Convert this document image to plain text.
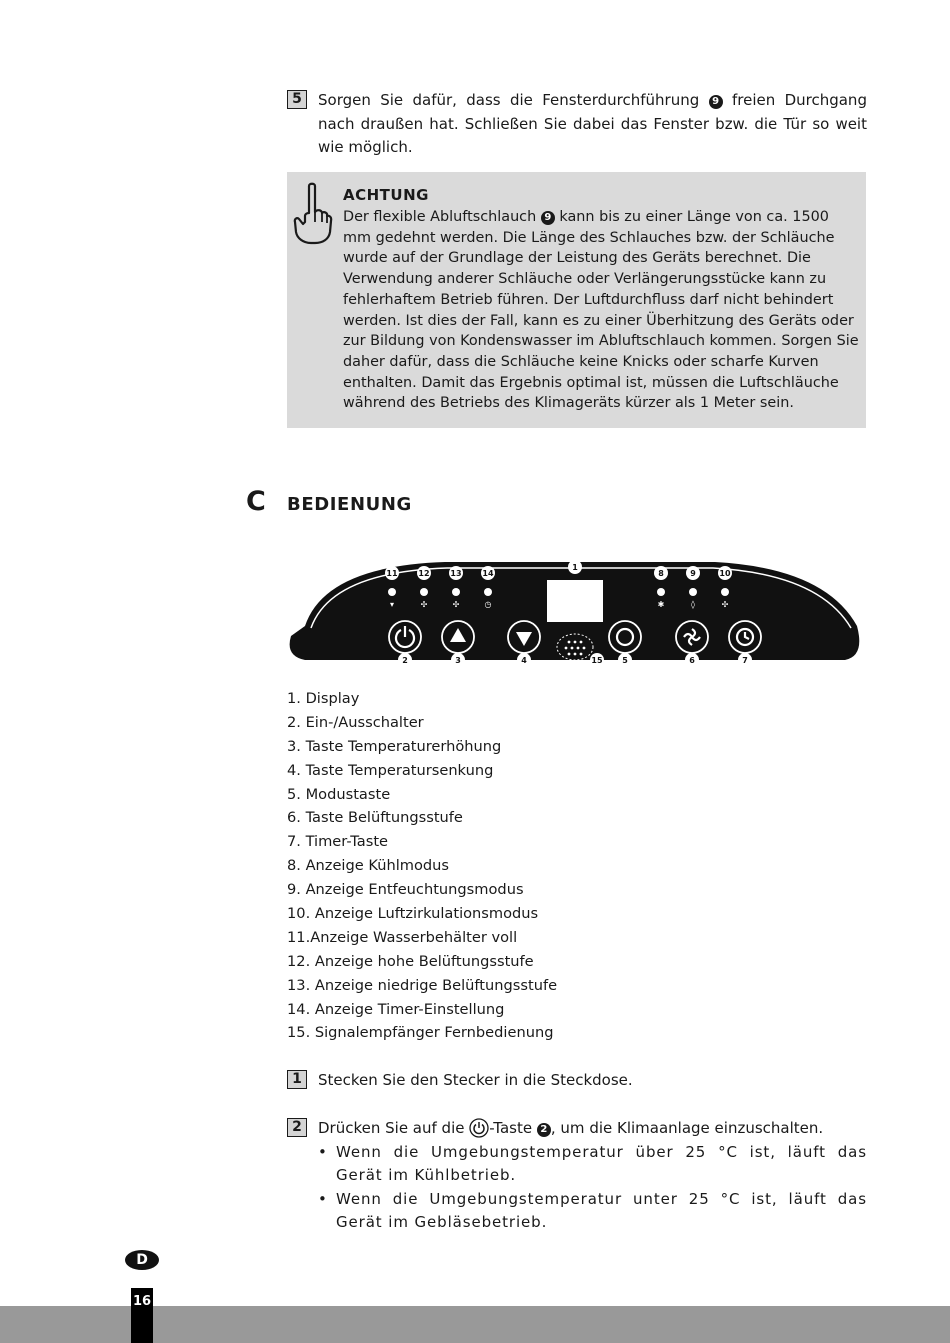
5	Sorgen Sie dafür, dass die Fensterdurchführung 9 freien Durchgang nach draußen hat. Schließen Sie dabei das Fenster bzw. die Tür so weit wie möglich.
ACHTUNG
Der flexible Abluftschlauch 9 kann bis zu einer Länge von ca. 1500 mm gedehnt werden. Die Länge des Schlauches bzw. der Schläuche wurde auf der Grundlage der Leistung des Geräts berechnet. Die Verwendung anderer Schläuche oder Verlängerungsstücke kann zu fehlerhaftem Betrieb führen. Der Luftdurchfluss darf nicht behindert werden. Ist dies der Fall, kann es zu einer Überhitzung des Geräts oder zur Bildung von Kondenswasser im Abluftschlauch kommen. Sorgen Sie daher dafür, dass die Schläuche keine Knicks oder scharfe Kurven enthalten. Damit das Ergebnis optimal ist, müssen die Luftschläuche während des Betriebs des Klimageräts kürzer als 1 Meter sein.
C BEDIENUNG
11	12	13	14
1
8	9	10
▾	✣	✣	◷	✱	◊	✣
2	3	4	15 5	6	7
1. Display
2. Ein-/Ausschalter
3. Taste Temperaturerhöhung
4. Taste Temperatursenkung
5. Modustaste
6. Taste Belüftungsstufe
7. Timer-Taste
8. Anzeige Kühlmodus
9. Anzeige Entfeuchtungsmodus
10. Anzeige Luftzirkulationsmodus
11.Anzeige Wasserbehälter voll
12. Anzeige hohe Belüftungsstufe
13. Anzeige niedrige Belüftungsstufe
14. Anzeige Timer-Einstellung
15. Signalempfänger Fernbedienung
1	Stecken Sie den Stecker in die Steckdose.
2	Drücken Sie auf die -Taste 2 , um die Klimaanlage einzuschalten.
• Wenn die Umgebungstemperatur über 25 °C ist, läuft das Gerät im Kühlbetrieb.
• Wenn die Umgebungstemperatur unter 25 °C ist, läuft das Gerät im Gebläsebetrieb.
D
16
